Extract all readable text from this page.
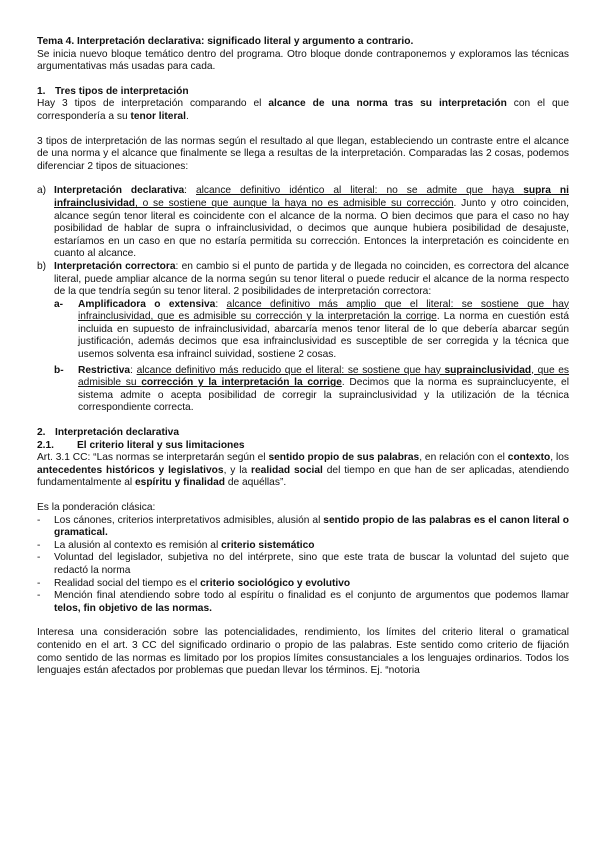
Tema 4. Interpretación declarativa: significado literal y argumento a contrario.

Se inicia nuevo bloque temático dentro del programa. Otro bloque donde contraponemos y exploramos las técnicas argumentativas más usadas para cada.

1. Tres tipos de interpretación

Hay 3 tipos de interpretación comparando el alcance de una norma tras su interpretación con el que correspondería a su tenor literal.

3 tipos de interpretación de las normas según el resultado al que llegan, estableciendo un contraste entre el alcance de una norma y el alcance que finalmente se llega a resultas de la interpretación. Comparadas las 2 cosas, podemos diferenciar 2 tipos de situaciones:

a) Interpretación declarativa: alcance definitivo idéntico al literal: no se admite que haya supra ni infrainclusividad, o se sostiene que aunque la haya no es admisible su corrección. Junto y otro coinciden, alcance según tenor literal es coincidente con el alcance de la norma. O bien decimos que para el caso no hay posibilidad de hablar de supra o infrainclusividad, o decimos que aunque hubiera posibilidad de desajuste, estaríamos en un caso en que no estaría permitida su corrección. Entonces la interpretación es coincidente en cuanto al alcance.
b) Interpretación correctora: en cambio si el punto de partida y de llegada no coinciden, es correctora del alcance literal, puede ampliar alcance de la norma según su tenor literal o puede reducir el alcance de la norma respecto de la que tendría según su tenor literal. 2 posibilidades de interpretación correctora:
a- Amplificadora o extensiva: alcance definitivo más amplio que el literal: se sostiene que hay infrainclusividad, que es admisible su corrección y la interpretación la corrige. La norma en cuestión está incluida en supuesto de infrainclusividad, abarcaría menos tenor literal de lo que debería abarcar según justificación, además decimos que esa infrainclusividad es susceptible de ser corregida y la técnica que usemos solventa esa infraincl suividad, sostiene 2 cosas.
b- Restrictiva: alcance definitivo más reducido que el literal: se sostiene que hay suprainclusividad, que es admisible su corrección y la interpretación la corrige. Decimos que la norma es suprainclucyente, el sistema admite o acepta posibilidad de corregir la suprainclusividad y la utilización de la técnica correspondiente correcta.

2. Interpretación declarativa

2.1. El criterio literal y sus limitaciones

Art. 3.1 CC: “Las normas se interpretarán según el sentido propio de sus palabras, en relación con el contexto, los antecedentes históricos y legislativos, y la realidad social del tiempo en que han de ser aplicadas, atendiendo fundamentalmente al espíritu y finalidad de aquéllas”.

Es la ponderación clásica:

- Los cánones, criterios interpretativos admisibles, alusión al sentido propio de las palabras es el canon literal o gramatical.
- La alusión al contexto es remisión al criterio sistemático
- Voluntad del legislador, subjetiva no del intérprete, sino que este trata de buscar la voluntad del sujeto que redactó la norma
- Realidad social del tiempo es el criterio sociológico y evolutivo
- Mención final atendiendo sobre todo al espíritu o finalidad es el conjunto de argumentos que podemos llamar telos, fin objetivo de las normas.

Interesa una consideración sobre las potencialidades, rendimiento, los límites del criterio literal o gramatical contenido en el art. 3 CC del significado ordinario o propio de las palabras. Este sentido como criterio de fijación como sentido de las normas es limitado por los propios límites consustanciales a los lenguajes ordinarios. Todos los lenguajes están afectados por problemas que puedan llevar los términos. Ej. “notoria
